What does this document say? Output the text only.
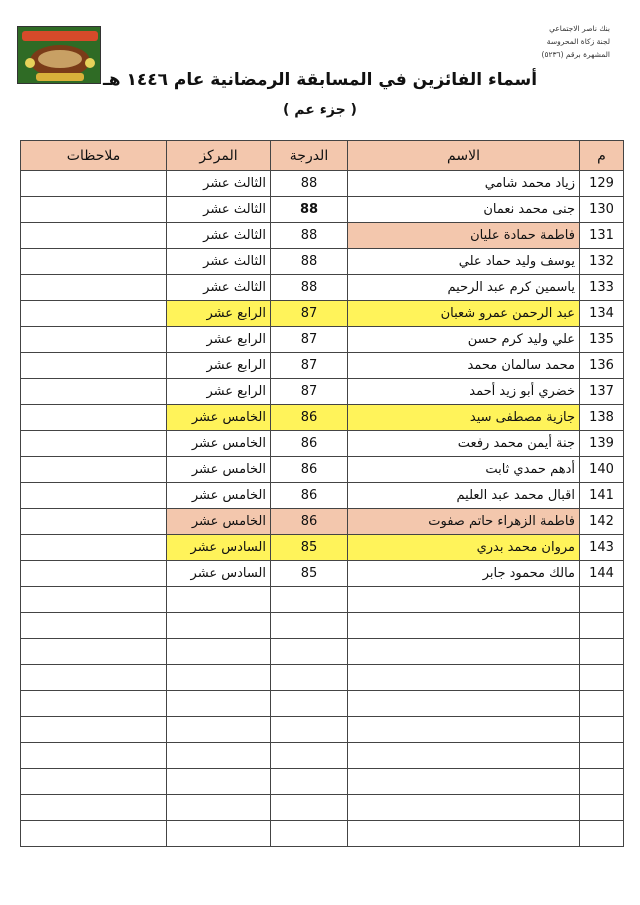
بنك ناصر الاجتماعي
لجنة زكاة المحروسة
المشهرة برقم (٥٢٣٦)
أسماء الفائزين في المسابقة الرمضانية عام ١٤٤٦ هـ
( جزء عم )
ملاحظات	المركز	الدرجة	الاسم	م
	الثالث عشر	88	زياد محمد شامي	129
	الثالث عشر	88	جنى محمد نعمان	130
	الثالث عشر	88	فاطمة حمادة عليان	131
	الثالث عشر	88	يوسف وليد حماد علي	132
	الثالث عشر	88	ياسمين كرم عبد الرحيم	133
	الرابع عشر	87	عبد الرحمن عمرو شعبان	134
	الرابع عشر	87	علي وليد كرم حسن	135
	الرابع عشر	87	محمد سالمان محمد	136
	الرابع عشر	87	خضري أبو زيد أحمد	137
	الخامس عشر	86	جازية مصطفى سيد	138
	الخامس عشر	86	جنة أيمن محمد رفعت	139
	الخامس عشر	86	أدهم حمدي ثابت	140
	الخامس عشر	86	اقبال محمد عبد العليم	141
	الخامس عشر	86	فاطمة الزهراء حاتم صفوت	142
	السادس عشر	85	مروان محمد بدري	143
	السادس عشر	85	مالك محمود جابر	144
